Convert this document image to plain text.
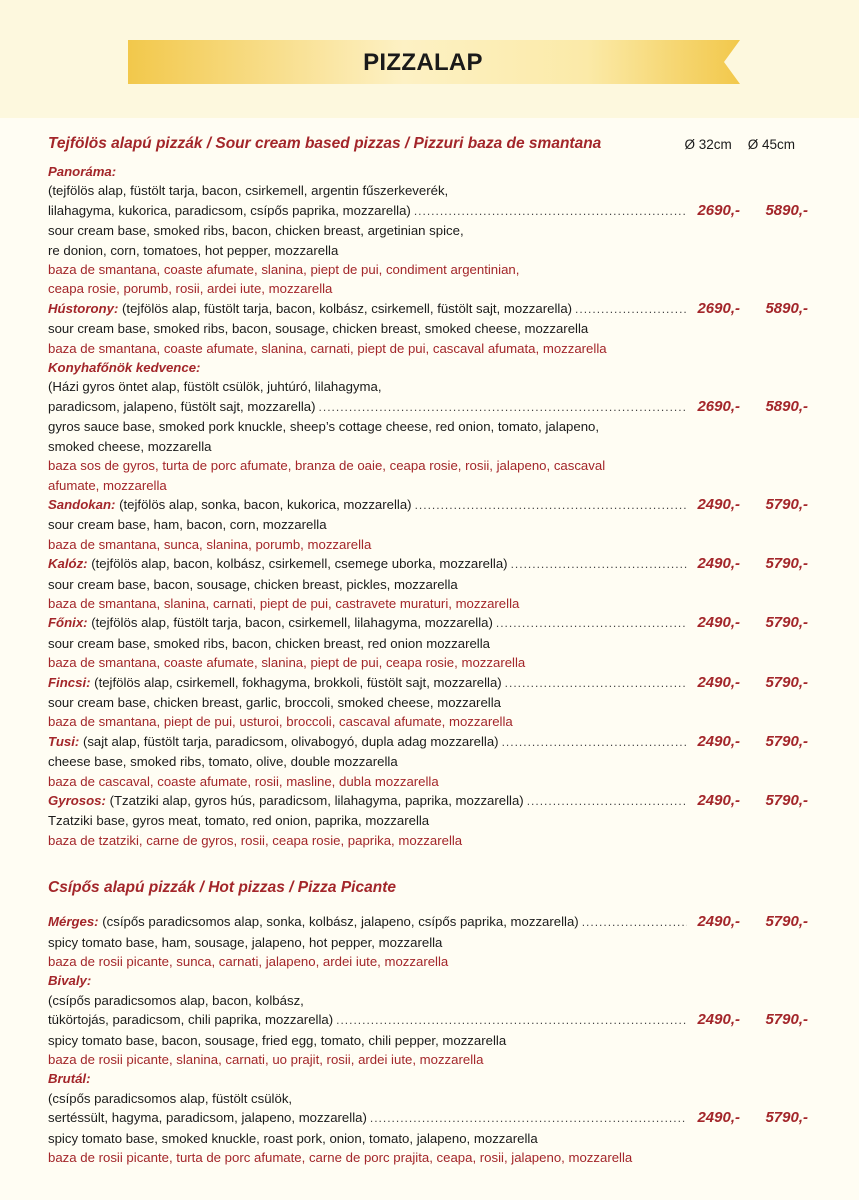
PIZZALAP
Tejfölös alapú pizzák / Sour cream based pizzas / Pizzuri baza de smantana	Ø 32cm Ø 45cm
Panoráma:
(tejfölös alap, füstölt tarja, bacon, csirkemell, argentin fűszerkeverék,
lilahagyma, kukorica, paradicsom, csípős paprika, mozzarella) .....	2690,-	5890,-
sour cream base, smoked ribs, bacon, chicken breast, argetinian spice,
re donion, corn, tomatoes, hot pepper, mozzarella
baza de smantana, coaste afumate, slanina, piept de pui, condiment argentinian,
ceapa rosie, porumb, rosii, ardei iute, mozzarella
Hústorony: (tejfölös alap, füstölt tarja, bacon, kolbász, csirkemell, füstölt sajt, mozzarella) .....	2690,-	5890,-
sour cream base, smoked ribs, bacon, sousage, chicken breast, smoked cheese, mozzarella
baza de smantana, coaste afumate, slanina, carnati, piept de pui, cascaval afumata, mozzarella
Konyhafőnök kedvence:
(Házi gyros öntet alap, füstölt csülök, juhtúró, lilahagyma,
paradicsom, jalapeno, füstölt sajt, mozzarella) .....	2690,-	5890,-
gyros sauce base, smoked pork knuckle, sheep’s cottage cheese, red onion, tomato, jalapeno,
smoked cheese, mozzarella
baza sos de gyros, turta de porc afumate, branza de oaie, ceapa rosie, rosii, jalapeno, cascaval
afumate, mozzarella
Sandokan: (tejfölös alap, sonka, bacon, kukorica, mozzarella) .....	2490,-	5790,-
sour cream base, ham, bacon, corn, mozzarella
baza de smantana, sunca, slanina, porumb, mozzarella
Kalóz: (tejfölös alap, bacon, kolbász, csirkemell, csemege uborka, mozzarella) .....	2490,-	5790,-
sour cream base, bacon, sousage, chicken breast, pickles, mozzarella
baza de smantana, slanina, carnati, piept de pui, castravete muraturi, mozzarella
Főnix: (tejfölös alap, füstölt tarja, bacon, csirkemell, lilahagyma, mozzarella) .....	2490,-	5790,-
sour cream base, smoked ribs, bacon, chicken breast, red onion mozzarella
baza de smantana, coaste afumate, slanina, piept de pui, ceapa rosie, mozzarella
Fincsi: (tejfölös alap, csirkemell, fokhagyma, brokkoli, füstölt sajt, mozzarella) .....	2490,-	5790,-
sour cream base, chicken breast, garlic, broccoli, smoked cheese, mozzarella
baza de smantana, piept de pui, usturoi, broccoli, cascaval afumate, mozzarella
Tusi: (sajt alap, füstölt tarja, paradicsom, olivabogyó, dupla adag mozzarella) .....	2490,-	5790,-
cheese base, smoked ribs, tomato, olive, double mozzarella
baza de cascaval, coaste afumate, rosii, masline, dubla mozzarella
Gyrosos: (Tzatziki alap, gyros hús, paradicsom, lilahagyma, paprika, mozzarella) .....	2490,-	5790,-
Tzatziki base, gyros meat, tomato, red onion, paprika, mozzarella
baza de tzatziki, carne de gyros, rosii, ceapa rosie, paprika, mozzarella
Csípős alapú pizzák / Hot pizzas / Pizza Picante
Mérges: (csípős paradicsomos alap, sonka, kolbász, jalapeno, csípős paprika, mozzarella) .....	2490,-	5790,-
spicy tomato base, ham, sousage, jalapeno, hot pepper, mozzarella
baza de rosii picante, sunca, carnati, jalapeno, ardei iute, mozzarella
Bivaly:
(csípős paradicsomos alap, bacon, kolbász,
tükörtojás, paradicsom, chili paprika, mozzarella) .....	2490,-	5790,-
spicy tomato base, bacon, sousage, fried egg, tomato, chili pepper, mozzarella
baza de rosii picante, slanina, carnati, uo prajit, rosii, ardei iute, mozzarella
Brutál:
(csípős paradicsomos alap, füstölt csülök,
sertéssült, hagyma, paradicsom, jalapeno, mozzarella) .....	2490,-	5790,-
spicy tomato base, smoked knuckle, roast pork, onion, tomato, jalapeno, mozzarella
baza de rosii picante, turta de porc afumate, carne de porc prajita, ceapa, rosii, jalapeno, mozzarella
